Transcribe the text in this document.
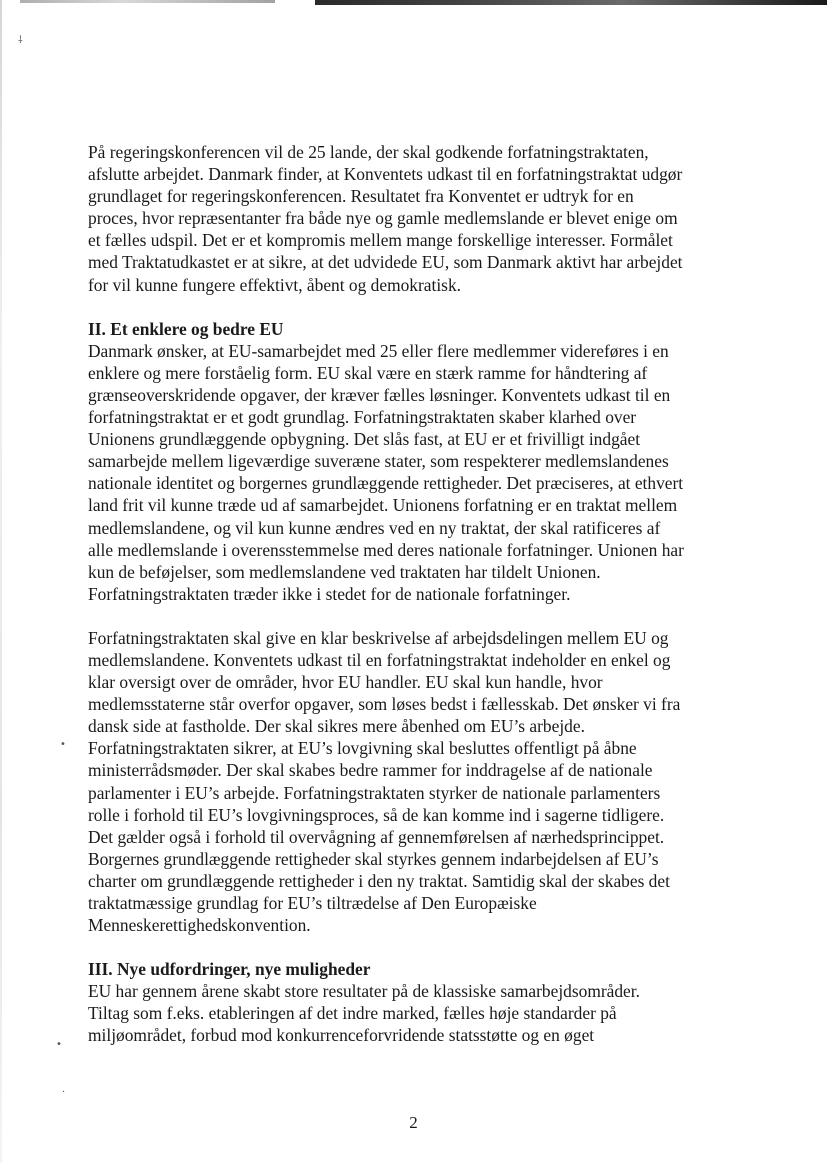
⸸
•
•
·
På regeringskonferencen vil de 25 lande, der skal godkende forfatningstraktaten,
afslutte arbejdet. Danmark finder, at Konventets udkast til en forfatningstraktat udgør
grundlaget for regeringskonferencen. Resultatet fra Konventet er udtryk for en
proces, hvor repræsentanter fra både nye og gamle medlemslande er blevet enige om
et fælles udspil. Det er et kompromis mellem mange forskellige interesser. Formålet
med Traktatudkastet er at sikre, at det udvidede EU, som Danmark aktivt har arbejdet
for vil kunne fungere effektivt, åbent og demokratisk.
II. Et enklere og bedre EU
Danmark ønsker, at EU-samarbejdet med 25 eller flere medlemmer videreføres i en
enklere og mere forståelig form. EU skal være en stærk ramme for håndtering af
grænseoverskridende opgaver, der kræver fælles løsninger. Konventets udkast til en
forfatningstraktat er et godt grundlag. Forfatningstraktaten skaber klarhed over
Unionens grundlæggende opbygning. Det slås fast, at EU er et frivilligt indgået
samarbejde mellem ligeværdige suveræne stater, som respekterer medlemslandenes
nationale identitet og borgernes grundlæggende rettigheder. Det præciseres, at ethvert
land frit vil kunne træde ud af samarbejdet. Unionens forfatning er en traktat mellem
medlemslandene, og vil kun kunne ændres ved en ny traktat, der skal ratificeres af
alle medlemslande i overensstemmelse med deres nationale forfatninger. Unionen har
kun de beføjelser, som medlemslandene ved traktaten har tildelt Unionen.
Forfatningstraktaten træder ikke i stedet for de nationale forfatninger.
Forfatningstraktaten skal give en klar beskrivelse af arbejdsdelingen mellem EU og
medlemslandene. Konventets udkast til en forfatningstraktat indeholder en enkel og
klar oversigt over de områder, hvor EU handler. EU skal kun handle, hvor
medlemsstaterne står overfor opgaver, som løses bedst i fællesskab. Det ønsker vi fra
dansk side at fastholde. Der skal sikres mere åbenhed om EU’s arbejde.
Forfatningstraktaten sikrer, at EU’s lovgivning skal besluttes offentligt på åbne
ministerrådsmøder. Der skal skabes bedre rammer for inddragelse af de nationale
parlamenter i EU’s arbejde. Forfatningstraktaten styrker de nationale parlamenters
rolle i forhold til EU’s lovgivningsproces, så de kan komme ind i sagerne tidligere.
Det gælder også i forhold til overvågning af gennemførelsen af nærhedsprincippet.
Borgernes grundlæggende rettigheder skal styrkes gennem indarbejdelsen af EU’s
charter om grundlæggende rettigheder i den ny traktat. Samtidig skal der skabes det
traktatmæssige grundlag for EU’s tiltrædelse af Den Europæiske
Menneskerettighedskonvention.
III. Nye udfordringer, nye muligheder
EU har gennem årene skabt store resultater på de klassiske samarbejdsområder.
Tiltag som f.eks. etableringen af det indre marked, fælles høje standarder på
miljøområdet, forbud mod konkurrenceforvridende statsstøtte og en øget
2
